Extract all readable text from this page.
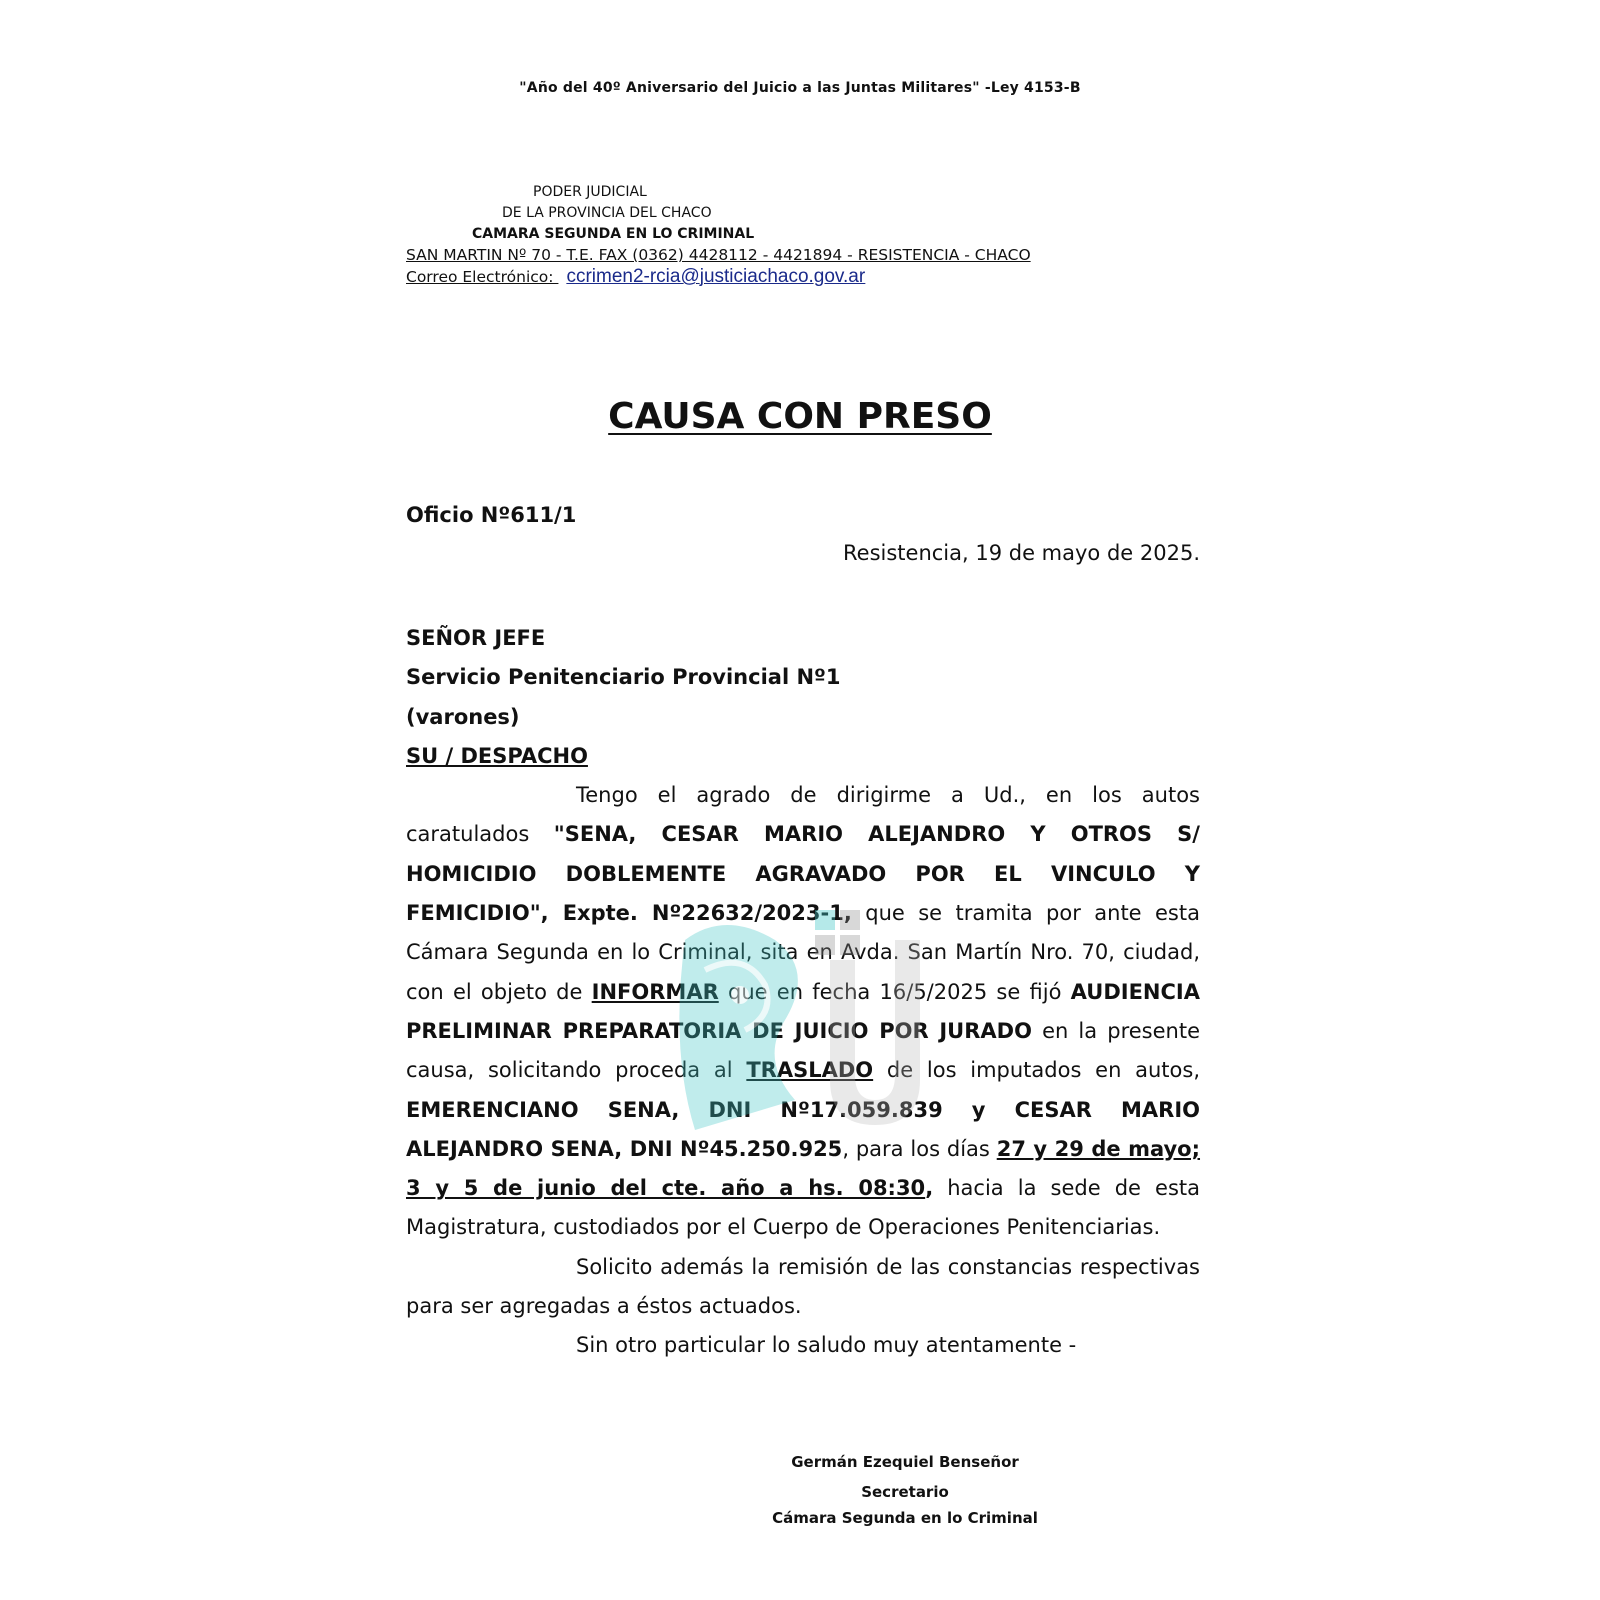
"Año del 40º Aniversario del Juicio a las Juntas Militares" -Ley 4153-B
PODER JUDICIAL
DE LA PROVINCIA DEL CHACO
CAMARA SEGUNDA EN LO CRIMINAL
SAN MARTIN Nº 70 - T.E. FAX (0362) 4428112 - 4421894 - RESISTENCIA - CHACO
Correo Electrónico: ccrimen2-rcia@justiciachaco.gov.ar
CAUSA CON PRESO
Oficio Nº611/1
Resistencia, 19 de mayo de 2025.
SEÑOR JEFE
Servicio Penitenciario Provincial Nº1
(varones)
SU / DESPACHO

Tengo el agrado de dirigirme a Ud., en los autos caratulados "SENA, CESAR MARIO ALEJANDRO Y OTROS S/ HOMICIDIO DOBLEMENTE AGRAVADO POR EL VINCULO Y FEMICIDIO", Expte. Nº22632/2023-1, que se tramita por ante esta Cámara Segunda en lo Criminal, sita en Avda. San Martín Nro. 70, ciudad, con el objeto de INFORMAR que en fecha 16/5/2025 se fijó AUDIENCIA PRELIMINAR PREPARATORIA DE JUICIO POR JURADO en la presente causa, solicitando proceda al TRASLADO de los imputados en autos, EMERENCIANO SENA, DNI Nº17.059.839 y CESAR MARIO ALEJANDRO SENA, DNI Nº45.250.925, para los días 27 y 29 de mayo; 3 y 5 de junio del cte. año a hs. 08:30, hacia la sede de esta Magistratura, custodiados por el Cuerpo de Operaciones Penitenciarias.

Solicito además la remisión de las constancias respectivas para ser agregadas a éstos actuados.

Sin otro particular lo saludo muy atentamente -

Germán Ezequiel Benseñor
Secretario
Cámara Segunda en lo Criminal
